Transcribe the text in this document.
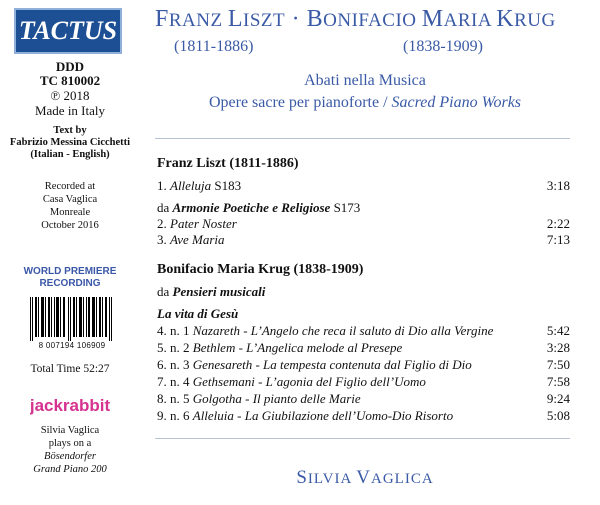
TACTUS
DDD
TC 810002
℗ 2018
Made in Italy
Text by
Fabrizio Messina Cicchetti
(Italian - English)
Recorded at
Casa Vaglica
Monreale
October 2016
WORLD PREMIERE
RECORDING
8 007194 106909
Total Time 52:27
jackrabbit
Silvia Vaglica
plays on a
Bösendorfer
Grand Piano 200
FRANZ LISZT · BONIFACIO MARIA KRUG
(1811-1886)	(1838-1909)
Abati nella Musica
Opere sacre per pianoforte / Sacred Piano Works
Franz Liszt (1811-1886)
1. Alleluja S183	3:18
da Armonie Poetiche e Religiose S173
2. Pater Noster	2:22
3. Ave Maria	7:13
Bonifacio Maria Krug (1838-1909)
da Pensieri musicali
La vita di Gesù
4. n. 1 Nazareth - L’Angelo che reca il saluto di Dio alla Vergine	5:42
5. n. 2 Bethlem - L’Angelica melode al Presepe	3:28
6. n. 3 Genesareth - La tempesta contenuta dal Figlio di Dio	7:50
7. n. 4 Gethsemani - L’agonia del Figlio dell’Uomo	7:58
8. n. 5 Golgotha - Il pianto delle Marie	9:24
9. n. 6 Alleluia - La Giubilazione dell’Uomo-Dio Risorto	5:08
SILVIA VAGLICA
